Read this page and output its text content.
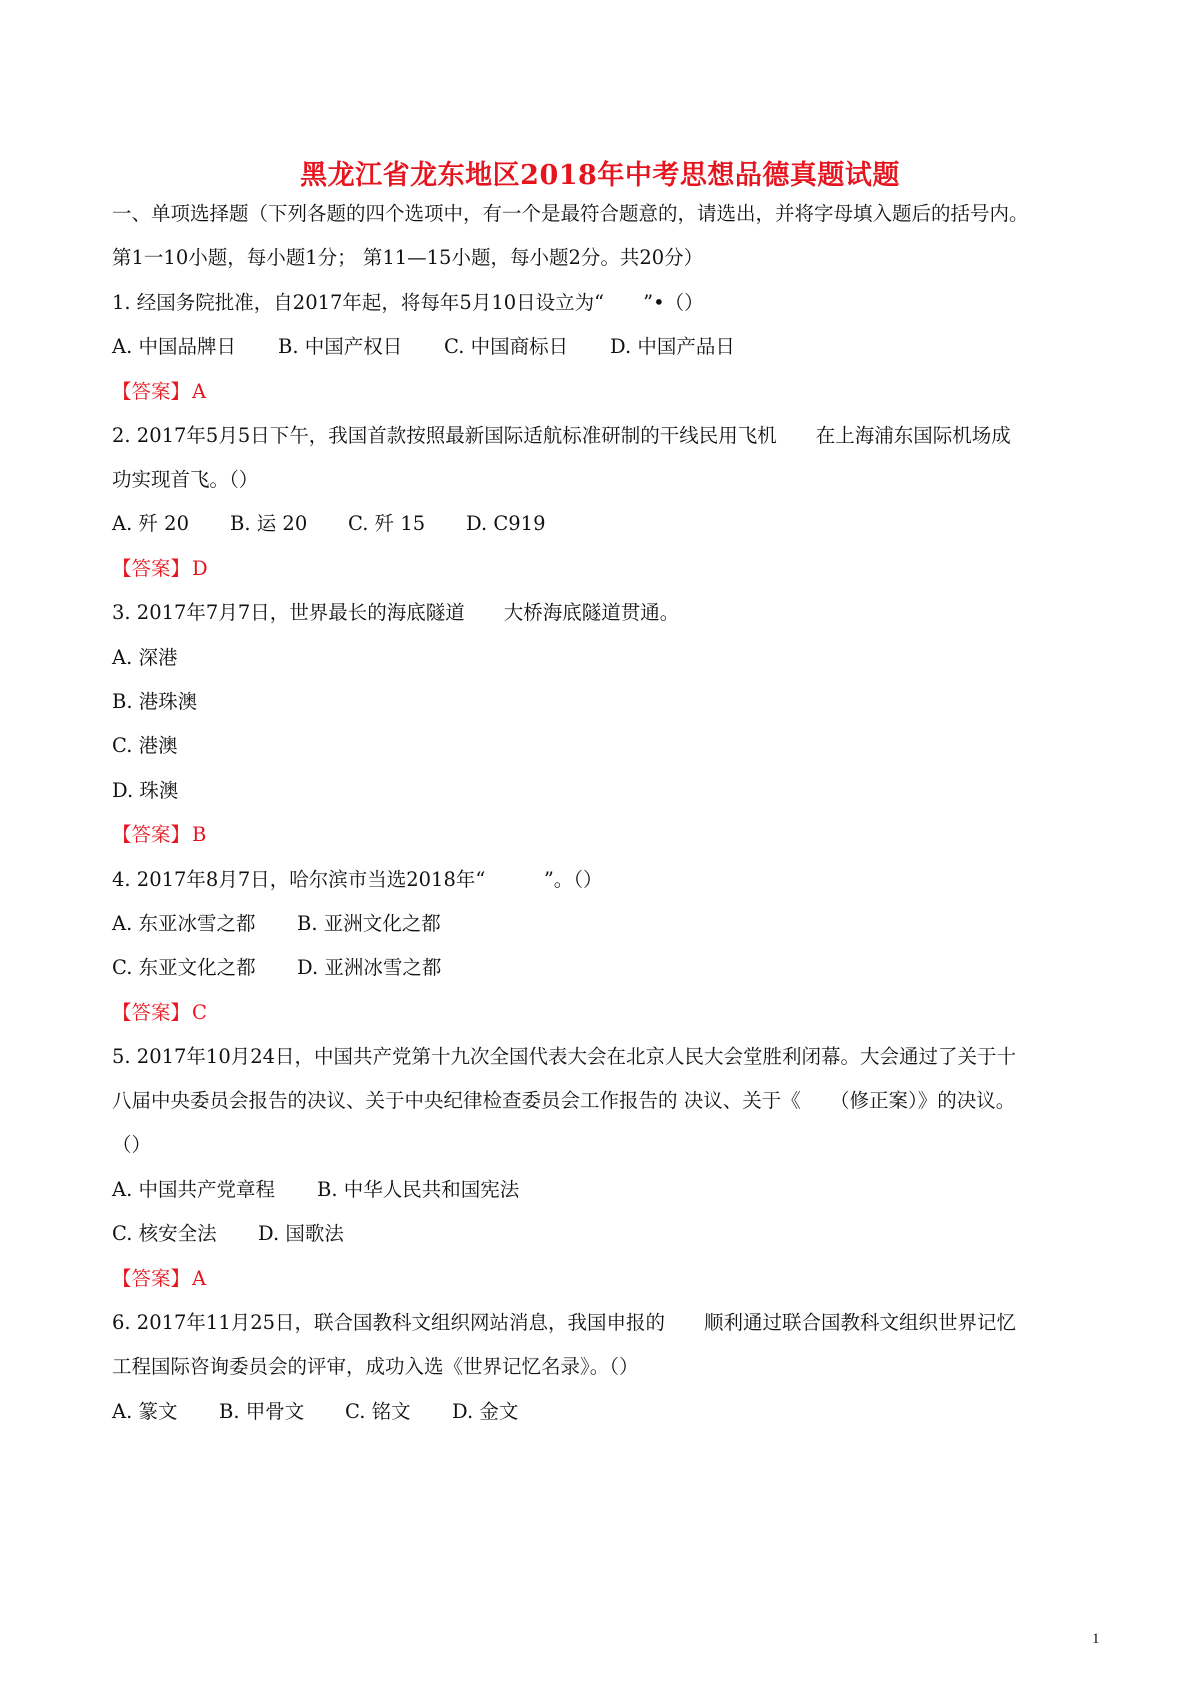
黑龙江省龙东地区2018年中考思想品德真题试题
一、单项选择题（下列各题的四个选项中，有一个是最符合题意的，请选出，并将字母填入题后的括号内。
第1一10小题，每小题1分； 第11—15小题，每小题2分。共20分）
1. 经国务院批准，自2017年起，将每年5月10日设立为“　　”•（）
A. 中国品牌日 B. 中国产权日 C. 中国商标日 D. 中国产品日
【答案】 A
2. 2017年5月5日下午，我国首款按照最新国际适航标准研制的干线民用飞机　　在上海浦东国际机场成
功实现首飞。（）
A. 歼 20 B. 运 20 C. 歼 15 D. C919
【答案】 D
3. 2017年7月7日，世界最长的海底隧道　　大桥海底隧道贯通。
A. 深港
B. 港珠澳
C. 港澳
D. 珠澳
【答案】 B
4. 2017年8月7日，哈尔滨市当选2018年“　　　”。（）
A. 东亚冰雪之都 B. 亚洲文化之都
C. 东亚文化之都 D. 亚洲冰雪之都
【答案】 C
5. 2017年10月24日，中国共产党第十九次全国代表大会在北京人民大会堂胜利闭幕。大会通过了关于十
八届中央委员会报告的决议、关于中央纪律检查委员会工作报告的 决议、关于《　　（修正案）》的决议。
（）
A. 中国共产党章程 B. 中华人民共和国宪法
C. 核安全法 D. 国歌法
【答案】 A
6. 2017年11月25日，联合国教科文组织网站消息，我国申报的　　顺利通过联合国教科文组织世界记忆
工程国际咨询委员会的评审，成功入选《世界记忆名录》。（）
A. 篆文 B. 甲骨文 C. 铭文 D. 金文
1
